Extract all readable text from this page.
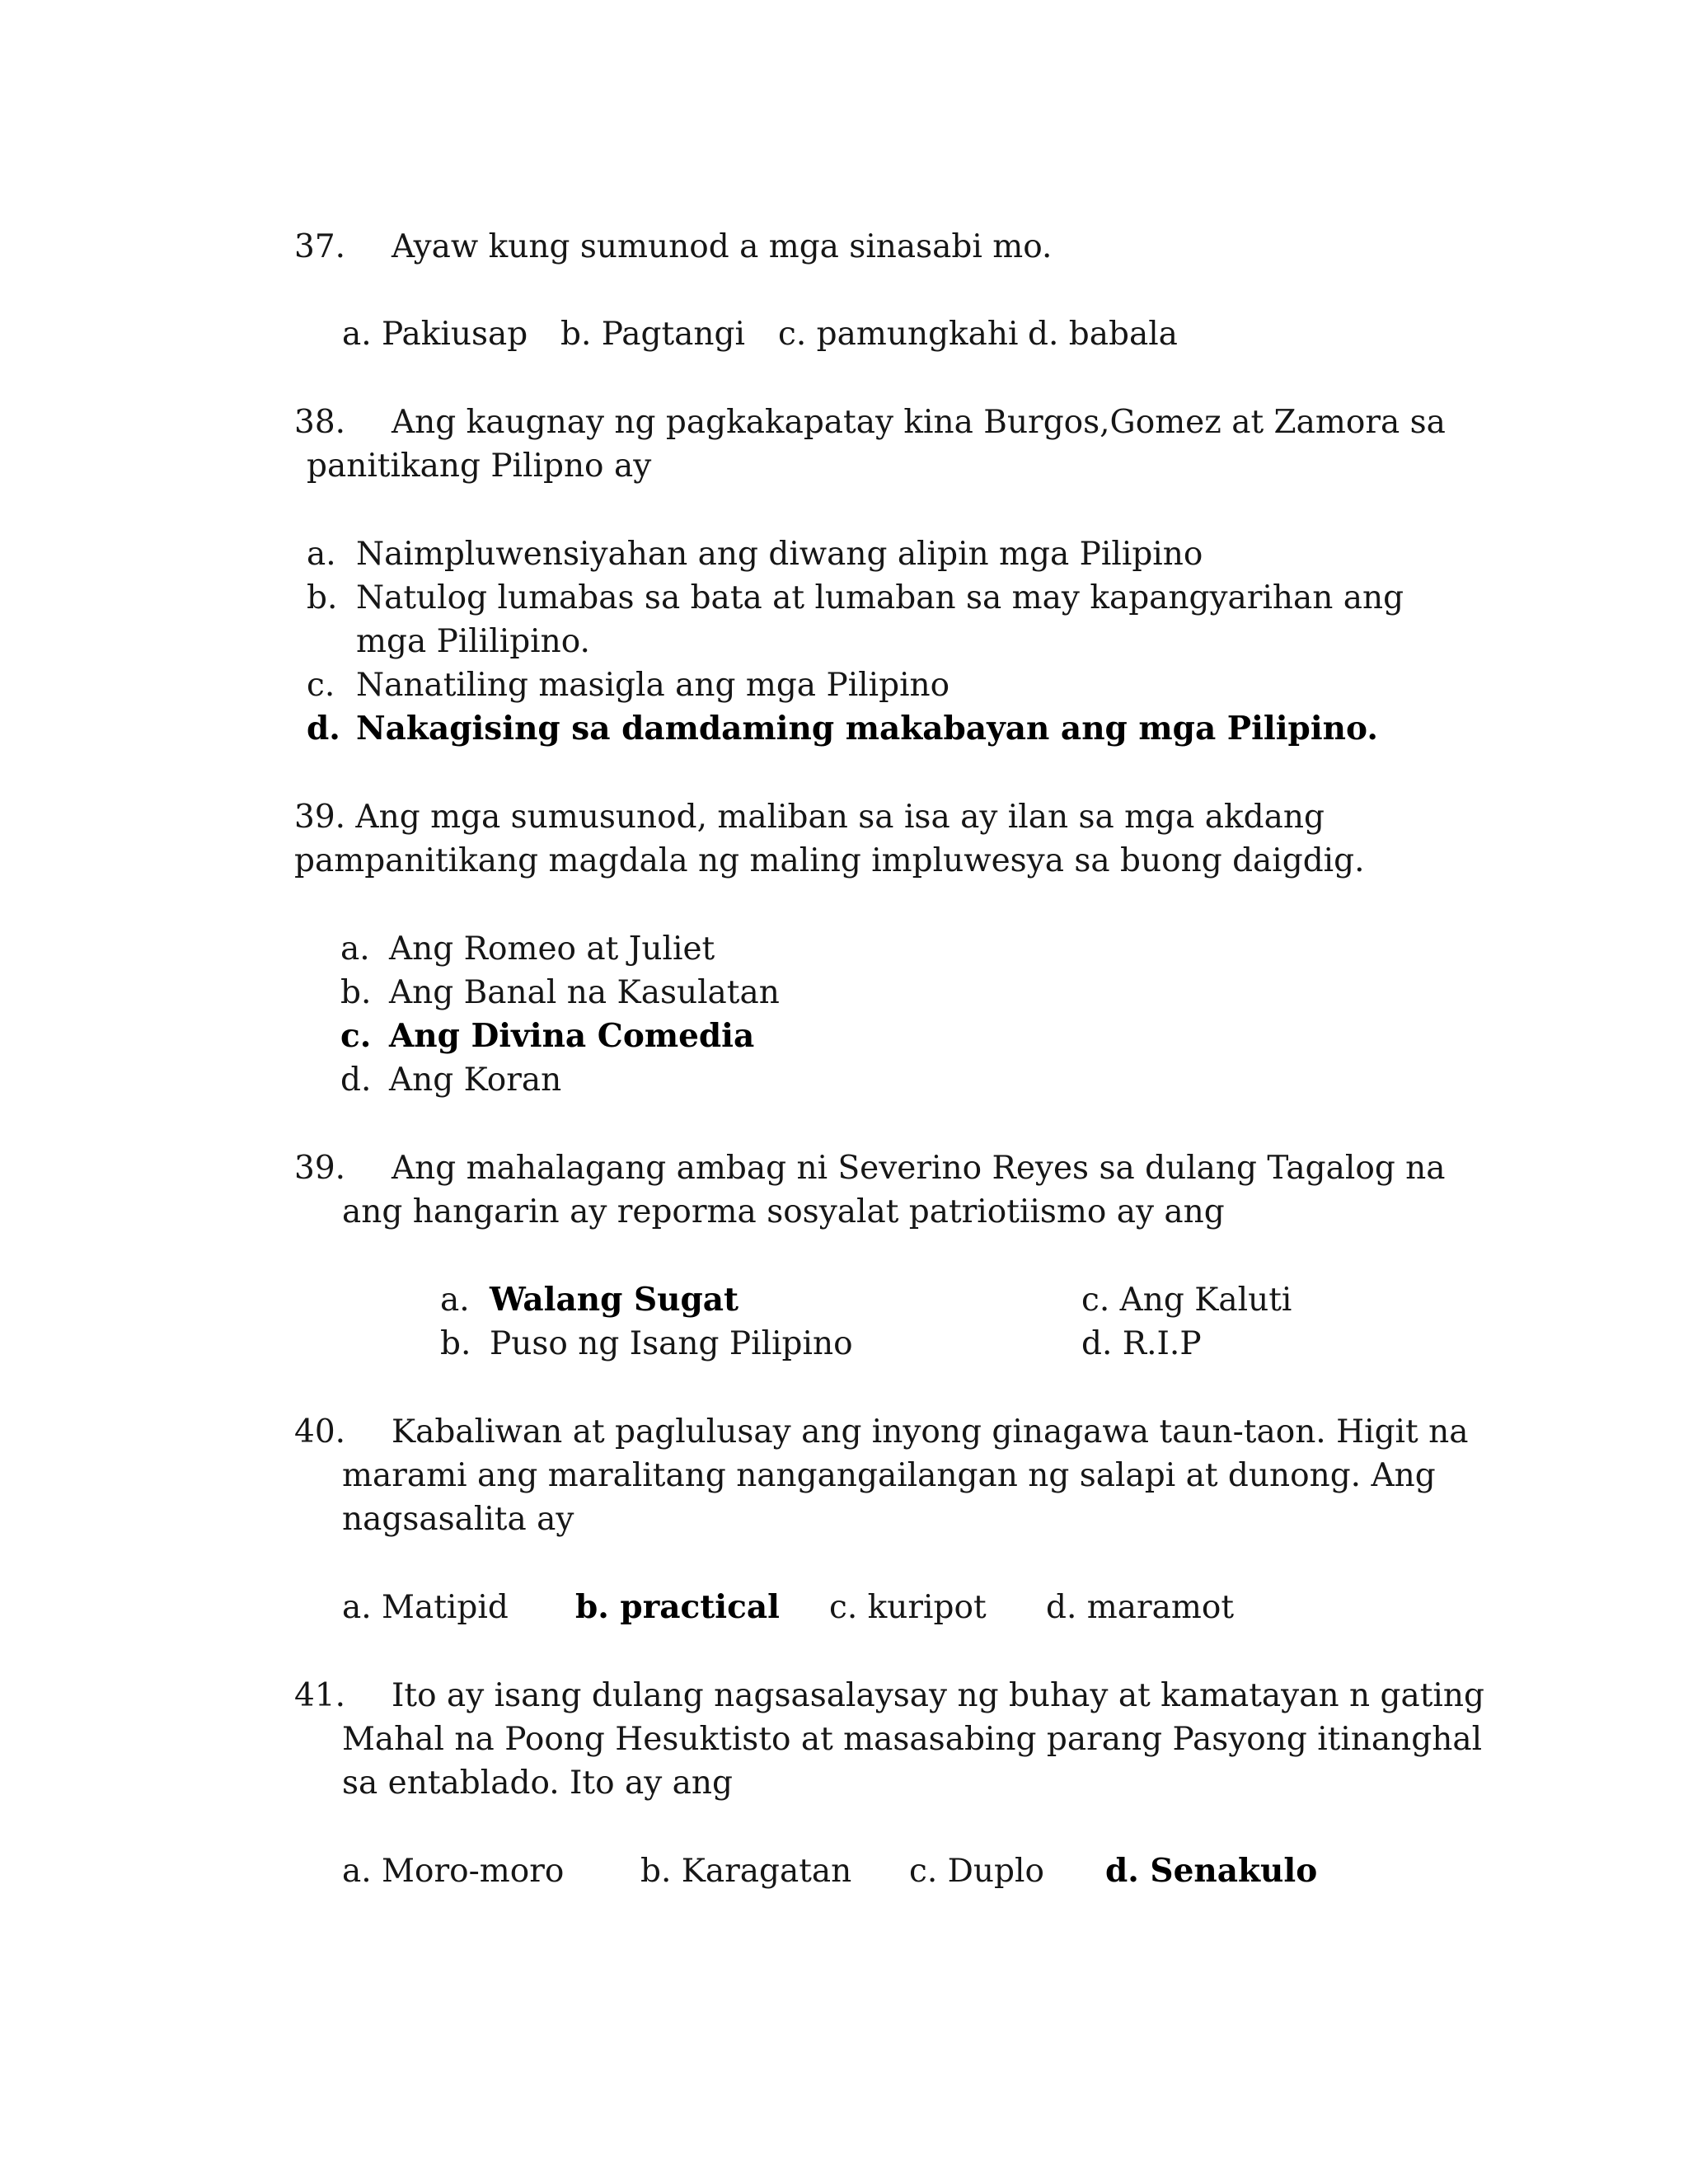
37. Ayaw kung sumunod a mga sinasabi mo.
a. Pakiusap b. Pagtangi c. pamungkahi d. babala
38. Ang kaugnay ng pagkakapatay kina Burgos,Gomez at Zamora sa
panitikang Pilipno ay
a. Naimpluwensiyahan ang diwang alipin mga Pilipino
b. Natulog lumabas sa bata at lumaban sa may kapangyarihan ang
mga Pililipino.
c. Nanatiling masigla ang mga Pilipino
d. Nakagising sa damdaming makabayan ang mga Pilipino.
39. Ang mga sumusunod, maliban sa isa ay ilan sa mga akdang
pampanitikang magdala ng maling impluwesya sa buong daigdig.
a. Ang Romeo at Juliet
b. Ang Banal na Kasulatan
c. Ang Divina Comedia
d. Ang Koran
39. Ang mahalagang ambag ni Severino Reyes sa dulang Tagalog na
ang hangarin ay reporma sosyalat patriotiismo ay ang
a. Walang Sugat
b. Puso ng Isang Pilipino
c. Ang Kaluti
d. R.I.P
40. Kabaliwan at paglulusay ang inyong ginagawa taun-taon. Higit na
marami ang maralitang nangangailangan ng salapi at dunong. Ang
nagsasalita ay
a. Matipid b. practical c. kuripot d. maramot
41. Ito ay isang dulang nagsasalaysay ng buhay at kamatayan n gating
Mahal na Poong Hesuktisto at masasabing parang Pasyong itinanghal
sa entablado. Ito ay ang
a. Moro-moro b. Karagatan c. Duplo d. Senakulo
